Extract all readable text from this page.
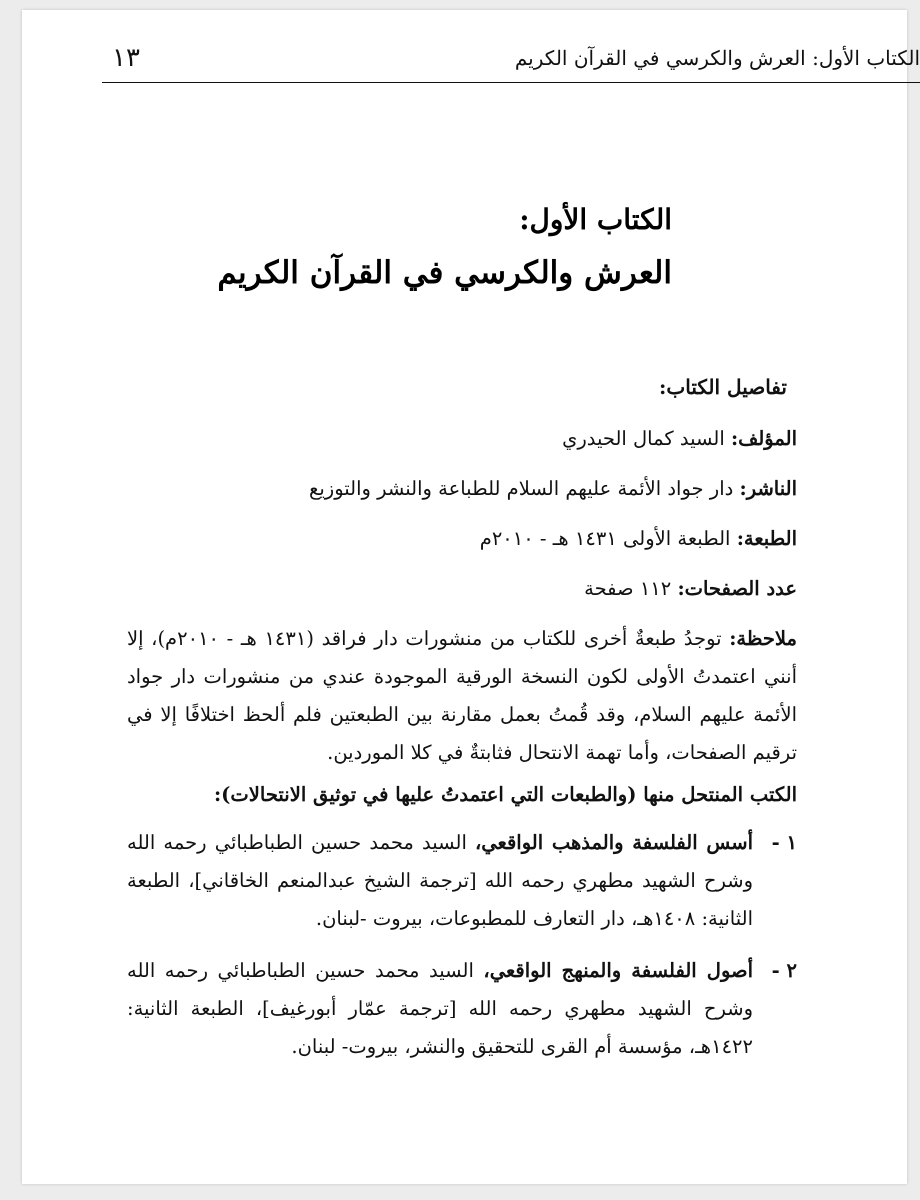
الكتاب الأول: العرش والكرسي في القرآن الكريم
١٣

الكتاب الأول:

العرش والكرسي في القرآن الكريم

تفاصيل الكتاب:
المؤلف: السيد كمال الحيدري
الناشر: دار جواد الأئمة عليهم السلام للطباعة والنشر والتوزيع
الطبعة: الطبعة الأولى ١٤٣١ هـ - ٢٠١٠م
عدد الصفحات: ١١٢ صفحة
ملاحظة: توجدُ طبعةٌ أخرى للكتاب من منشورات دار فراقد (١٤٣١ هـ - ٢٠١٠م)، إلا أنني اعتمدتُ الأولى لكون النسخة الورقية الموجودة عندي من منشورات دار جواد الأئمة عليهم السلام، وقد قُمتُ بعمل مقارنة بين الطبعتين فلم ألحظ اختلافًا إلا في ترقيم الصفحات، وأما تهمة الانتحال فثابتةٌ في كلا الموردين.
الكتب المنتحل منها (والطبعات التي اعتمدتُ عليها في توثيق الانتحالات):
١ -
أسس الفلسفة والمذهب الواقعي، السيد محمد حسين الطباطبائي رحمه الله وشرح الشهيد مطهري رحمه الله [ترجمة الشيخ عبدالمنعم الخاقاني]، الطبعة الثانية: ١٤٠٨هـ، دار التعارف للمطبوعات، بيروت -لبنان.
٢ -
أصول الفلسفة والمنهج الواقعي، السيد محمد حسين الطباطبائي رحمه الله وشرح الشهيد مطهري رحمه الله [ترجمة عمّار أبورغيف]، الطبعة الثانية: ١٤٢٢هـ، مؤسسة أم القرى للتحقيق والنشر، بيروت- لبنان.
